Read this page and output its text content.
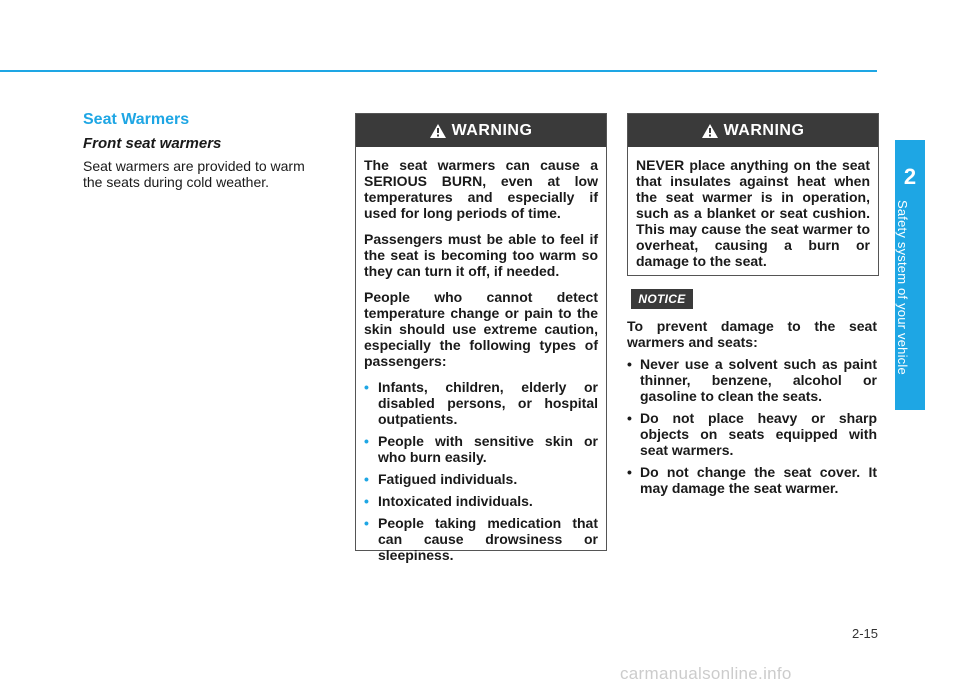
2
Safety system of your vehicle
Seat Warmers
Front seat warmers

Seat warmers are provided to warm the seats during cold weather.

WARNING

The seat warmers can cause a SERIOUS BURN, even at low temperatures and especially if used for long periods of time.

Passengers must be able to feel if the seat is becoming too warm so they can turn it off, if needed.

People who cannot detect temperature change or pain to the skin should use extreme caution, especially the following types of passengers:

• Infants, children, elderly or disabled persons, or hospital outpatients.
• People with sensitive skin or who burn easily.
• Fatigued individuals.
• Intoxicated individuals.
• People taking medication that can cause drowsiness or sleepiness.
WARNING

NEVER place anything on the seat that insulates against heat when the seat warmer is in operation, such as a blanket or seat cushion. This may cause the seat warmer to overheat, causing a burn or damage to the seat.

NOTICE

To prevent damage to the seat warmers and seats:

• Never use a solvent such as paint thinner, benzene, alcohol or gasoline to clean the seats.
• Do not place heavy or sharp objects on seats equipped with seat warmers.
• Do not change the seat cover. It may damage the seat warmer.
2-15
carmanualsonline.info
